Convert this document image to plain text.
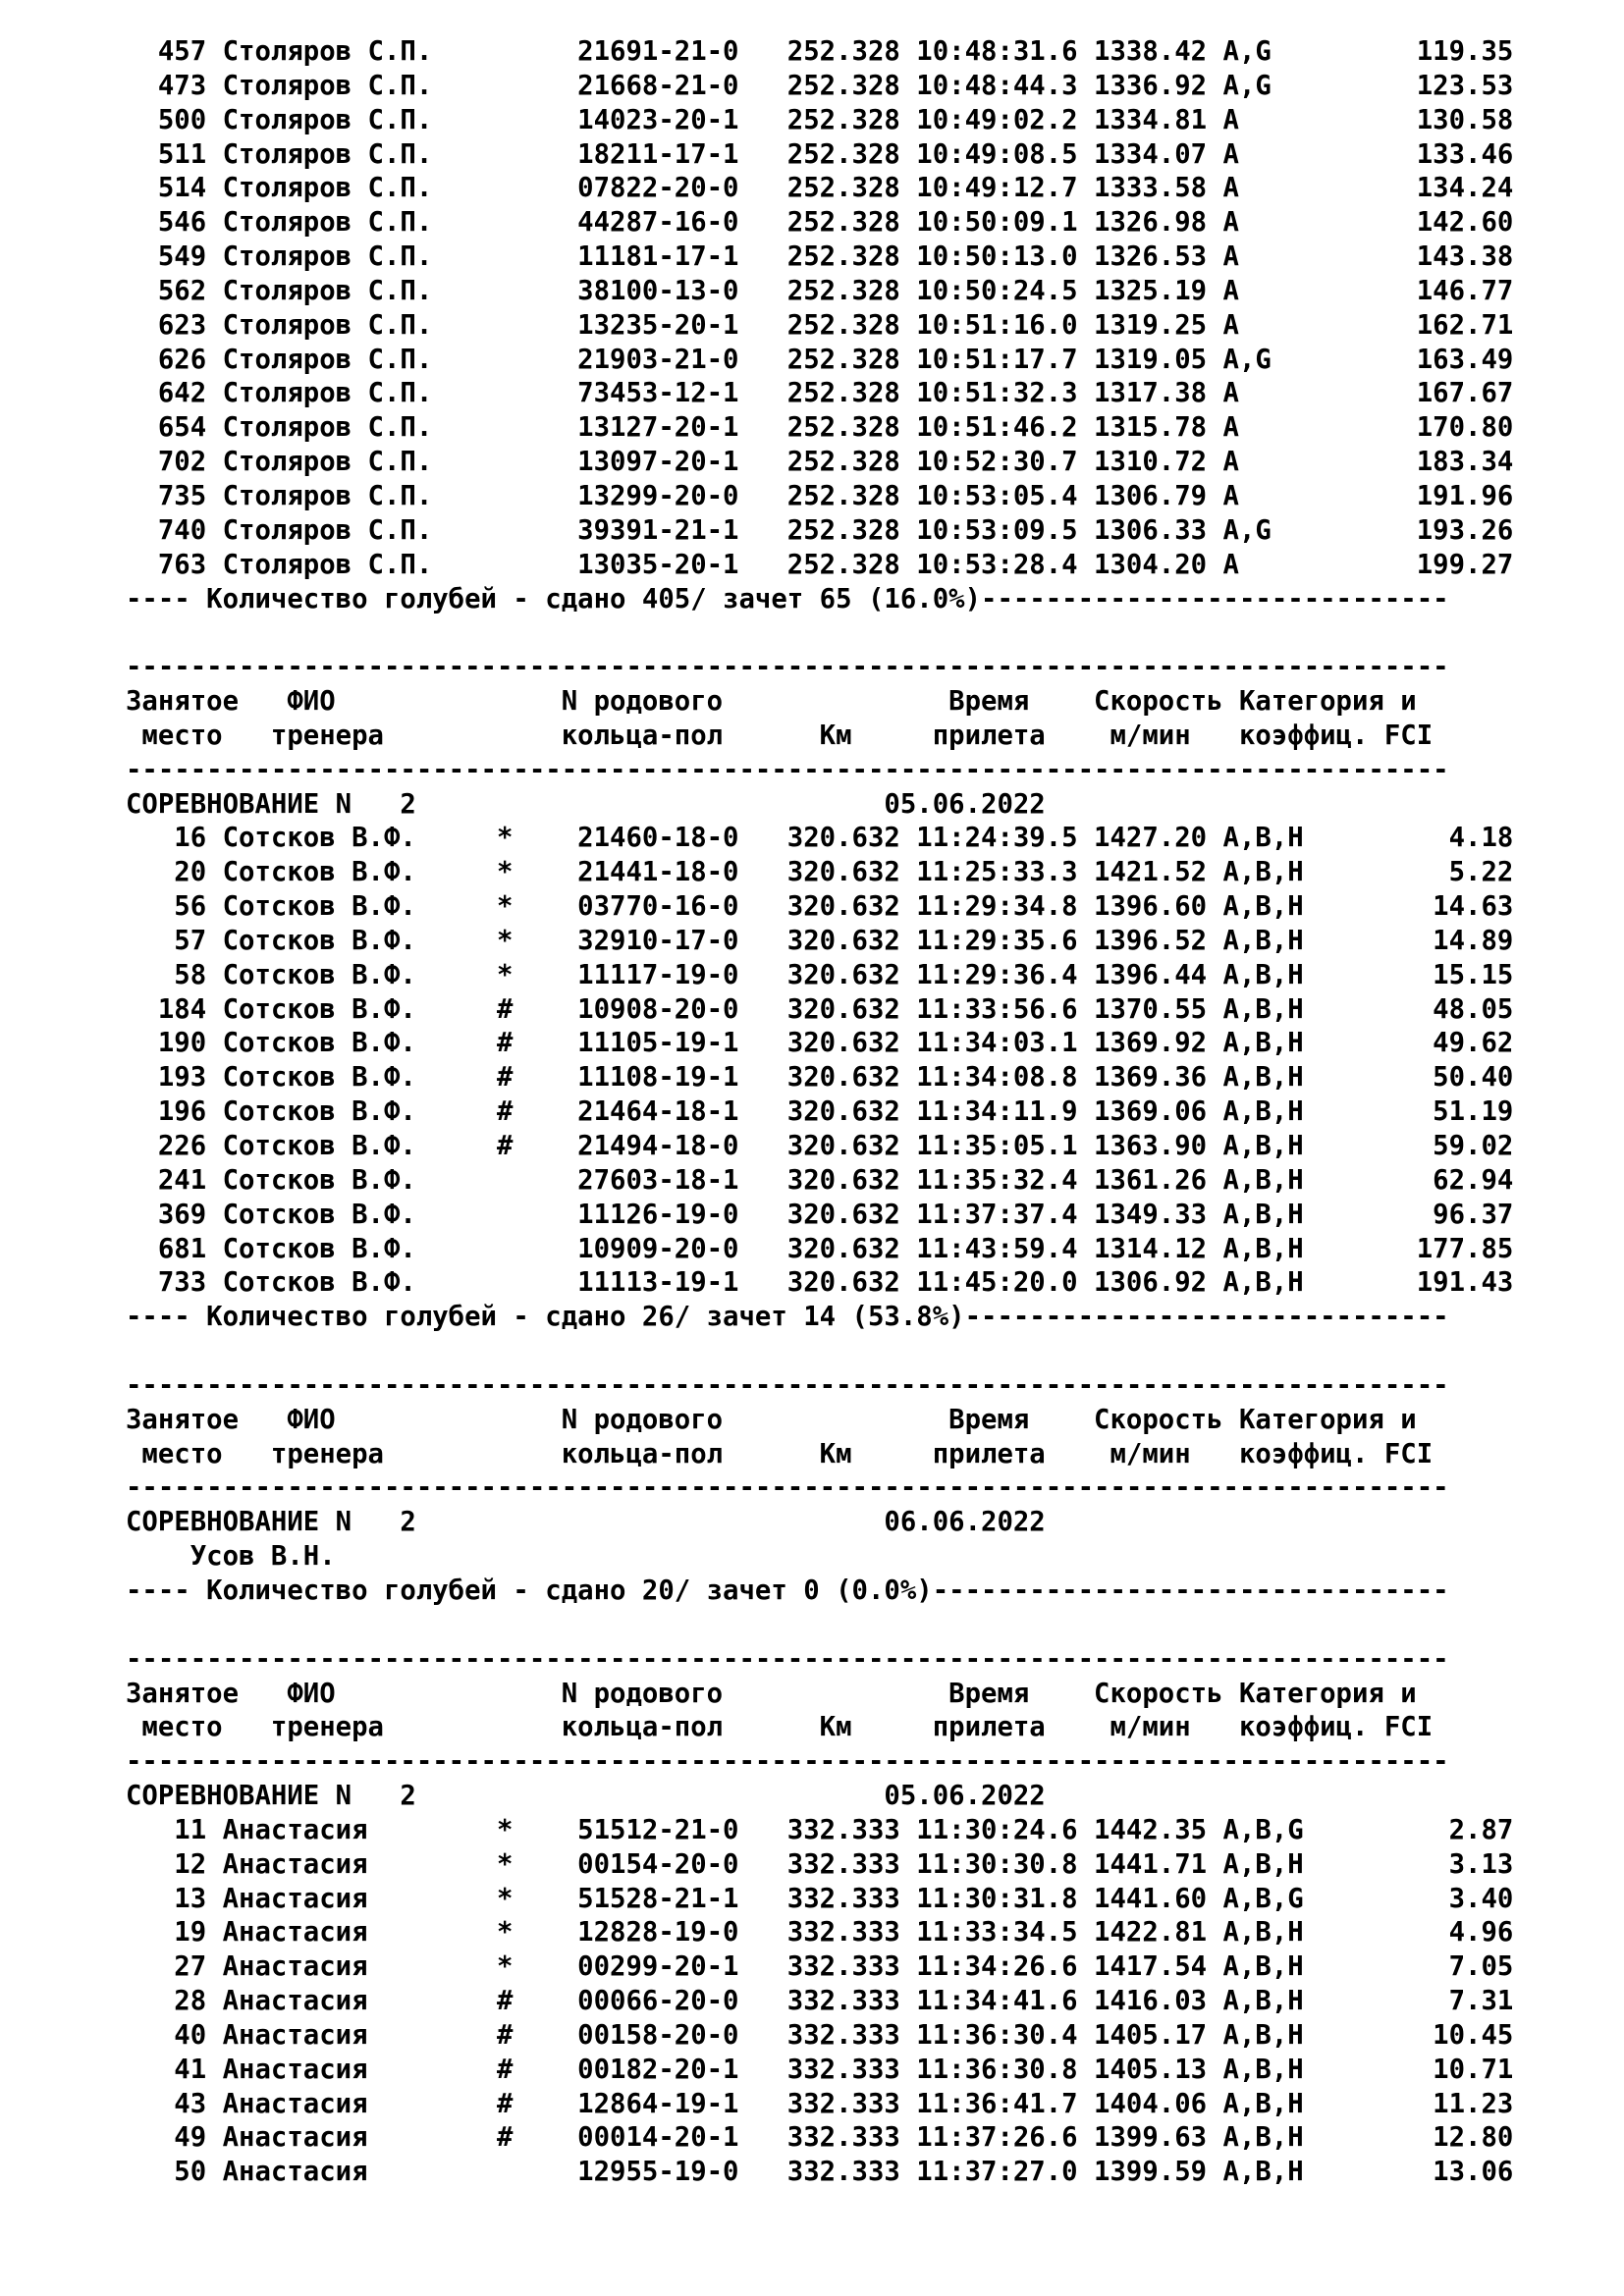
457 Столяров С.П.         21691-21-0   252.328 10:48:31.6 1338.42 A,G         119.35
473 Столяров С.П.         21668-21-0   252.328 10:48:44.3 1336.92 A,G         123.53
500 Столяров С.П.         14023-20-1   252.328 10:49:02.2 1334.81 A           130.58
511 Столяров С.П.         18211-17-1   252.328 10:49:08.5 1334.07 A           133.46
514 Столяров С.П.         07822-20-0   252.328 10:49:12.7 1333.58 A           134.24
546 Столяров С.П.         44287-16-0   252.328 10:50:09.1 1326.98 A           142.60
549 Столяров С.П.         11181-17-1   252.328 10:50:13.0 1326.53 A           143.38
562 Столяров С.П.         38100-13-0   252.328 10:50:24.5 1325.19 A           146.77
623 Столяров С.П.         13235-20-1   252.328 10:51:16.0 1319.25 A           162.71
626 Столяров С.П.         21903-21-0   252.328 10:51:17.7 1319.05 A,G         163.49
642 Столяров С.П.         73453-12-1   252.328 10:51:32.3 1317.38 A           167.67
654 Столяров С.П.         13127-20-1   252.328 10:51:46.2 1315.78 A           170.80
702 Столяров С.П.         13097-20-1   252.328 10:52:30.7 1310.72 A           183.34
735 Столяров С.П.         13299-20-0   252.328 10:53:05.4 1306.79 A           191.96
740 Столяров С.П.         39391-21-1   252.328 10:53:09.5 1306.33 A,G         193.26
763 Столяров С.П.         13035-20-1   252.328 10:53:28.4 1304.20 A           199.27
---- Количество голубей - сдано 405/ зачет 65 (16.0%)-----------------------------
----------------------------------------------------------------------------------
Занятое   ФИО              N родового              Время    Скорость Категория и
место   тренера           кольца-пол      Км     прилета    м/мин   коэффиц. FCI
----------------------------------------------------------------------------------
СОРЕВНОВАНИЕ N   2                             05.06.2022
16 Сотсков В.Ф.     *    21460-18-0   320.632 11:24:39.5 1427.20 A,B,H         4.18
20 Сотсков В.Ф.     *    21441-18-0   320.632 11:25:33.3 1421.52 A,B,H         5.22
56 Сотсков В.Ф.     *    03770-16-0   320.632 11:29:34.8 1396.60 A,B,H        14.63
57 Сотсков В.Ф.     *    32910-17-0   320.632 11:29:35.6 1396.52 A,B,H        14.89
58 Сотсков В.Ф.     *    11117-19-0   320.632 11:29:36.4 1396.44 A,B,H        15.15
184 Сотсков В.Ф.     #    10908-20-0   320.632 11:33:56.6 1370.55 A,B,H        48.05
190 Сотсков В.Ф.     #    11105-19-1   320.632 11:34:03.1 1369.92 A,B,H        49.62
193 Сотсков В.Ф.     #    11108-19-1   320.632 11:34:08.8 1369.36 A,B,H        50.40
196 Сотсков В.Ф.     #    21464-18-1   320.632 11:34:11.9 1369.06 A,B,H        51.19
226 Сотсков В.Ф.     #    21494-18-0   320.632 11:35:05.1 1363.90 A,B,H        59.02
241 Сотсков В.Ф.          27603-18-1   320.632 11:35:32.4 1361.26 A,B,H        62.94
369 Сотсков В.Ф.          11126-19-0   320.632 11:37:37.4 1349.33 A,B,H        96.37
681 Сотсков В.Ф.          10909-20-0   320.632 11:43:59.4 1314.12 A,B,H       177.85
733 Сотсков В.Ф.          11113-19-1   320.632 11:45:20.0 1306.92 A,B,H       191.43
---- Количество голубей - сдано 26/ зачет 14 (53.8%)------------------------------
----------------------------------------------------------------------------------
Занятое   ФИО              N родового              Время    Скорость Категория и
место   тренера           кольца-пол      Км     прилета    м/мин   коэффиц. FCI
----------------------------------------------------------------------------------
СОРЕВНОВАНИЕ N   2                             06.06.2022
Усов В.Н.
---- Количество голубей - сдано 20/ зачет 0 (0.0%)--------------------------------
----------------------------------------------------------------------------------
Занятое   ФИО              N родового              Время    Скорость Категория и
место   тренера           кольца-пол      Км     прилета    м/мин   коэффиц. FCI
----------------------------------------------------------------------------------
СОРЕВНОВАНИЕ N   2                             05.06.2022
11 Анастасия        *    51512-21-0   332.333 11:30:24.6 1442.35 A,B,G         2.87
12 Анастасия        *    00154-20-0   332.333 11:30:30.8 1441.71 A,B,H         3.13
13 Анастасия        *    51528-21-1   332.333 11:30:31.8 1441.60 A,B,G         3.40
19 Анастасия        *    12828-19-0   332.333 11:33:34.5 1422.81 A,B,H         4.96
27 Анастасия        *    00299-20-1   332.333 11:34:26.6 1417.54 A,B,H         7.05
28 Анастасия        #    00066-20-0   332.333 11:34:41.6 1416.03 A,B,H         7.31
40 Анастасия        #    00158-20-0   332.333 11:36:30.4 1405.17 A,B,H        10.45
41 Анастасия        #    00182-20-1   332.333 11:36:30.8 1405.13 A,B,H        10.71
43 Анастасия        #    12864-19-1   332.333 11:36:41.7 1404.06 A,B,H        11.23
49 Анастасия        #    00014-20-1   332.333 11:37:26.6 1399.63 A,B,H        12.80
50 Анастасия             12955-19-0   332.333 11:37:27.0 1399.59 A,B,H        13.06
